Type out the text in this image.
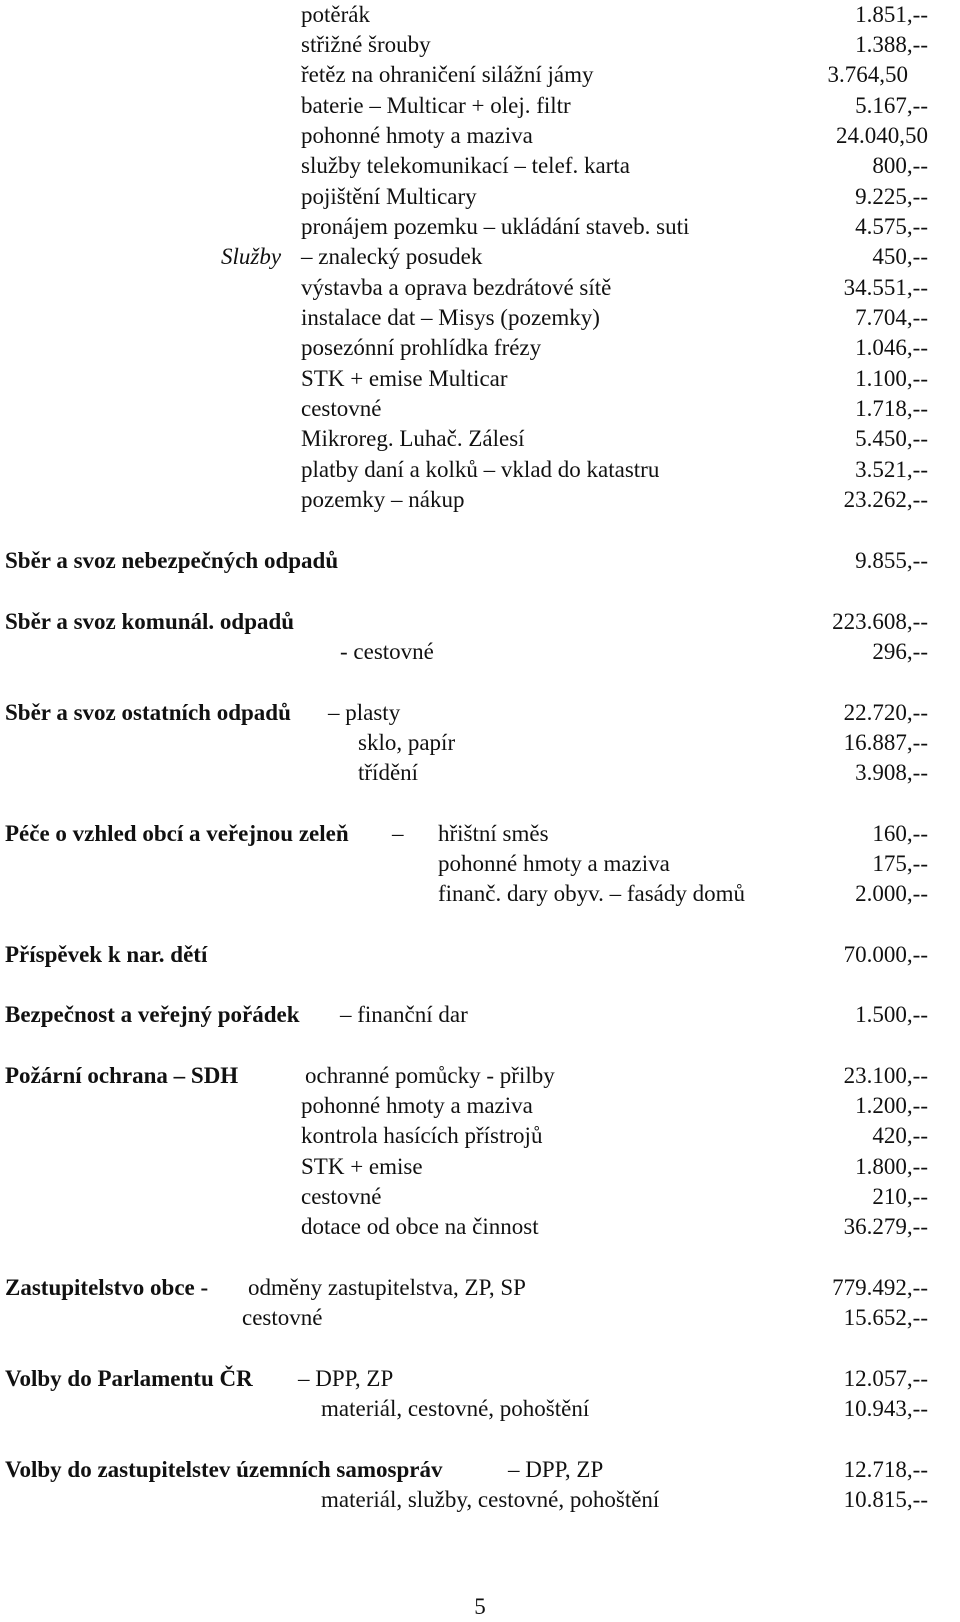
potěrák	1.851,--
střižné šrouby	1.388,--
řetěz na ohraničení silážní jámy	3.764,50
baterie – Multicar + olej. filtr	5.167,--
pohonné hmoty a maziva	24.040,50
služby telekomunikací – telef. karta	800,--
pojištění Multicary	9.225,--
pronájem pozemku – ukládání staveb. suti	4.575,--
Služby – znalecký posudek	450,--
výstavba a oprava bezdrátové sítě	34.551,--
instalace dat – Misys (pozemky)	7.704,--
posezónní prohlídka frézy	1.046,--
STK + emise Multicar	1.100,--
cestovné	1.718,--
Mikroreg. Luhač. Zálesí	5.450,--
platby daní a kolků – vklad do katastru	3.521,--
pozemky – nákup	23.262,--
Sběr a svoz nebezpečných odpadů	9.855,--
Sběr a svoz komunál. odpadů	223.608,--
- cestovné	296,--
Sběr a svoz ostatních odpadů – plasty	22.720,--
sklo, papír	16.887,--
třídění	3.908,--
Péče o vzhled obcí a veřejnou zeleň – hřištní směs	160,--
pohonné hmoty a maziva	175,--
finanč. dary obyv. – fasády domů	2.000,--
Příspěvek k nar. dětí	70.000,--
Bezpečnost a veřejný pořádek – finanční dar	1.500,--
Požární ochrana – SDH	ochranné pomůcky - přilby	23.100,--
pohonné hmoty a maziva	1.200,--
kontrola hasících přístrojů	420,--
STK + emise	1.800,--
cestovné	210,--
dotace od obce na činnost	36.279,--
Zastupitelstvo obce - odměny zastupitelstva, ZP, SP	779.492,--
cestovné	15.652,--
Volby do Parlamentu ČR – DPP, ZP	12.057,--
materiál, cestovné, pohoštění	10.943,--
Volby do zastupitelstev územních samospráv	– DPP, ZP	12.718,--
materiál, služby, cestovné, pohoštění	10.815,--
5
